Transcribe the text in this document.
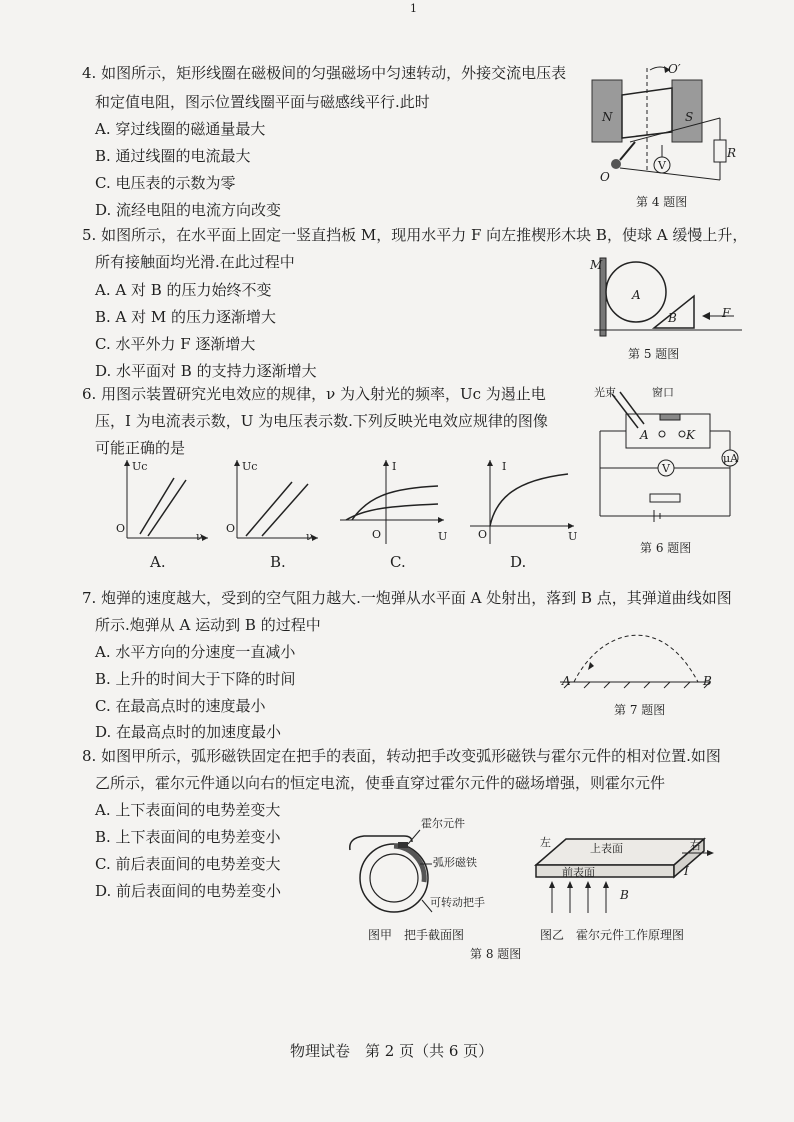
1
4. 如图所示，矩形线圈在磁极间的匀强磁场中匀速转动，外接交流电压表
和定值电阻，图示位置线圈平面与磁感线平行.此时
A. 穿过线圈的磁通量最大
B. 通过线圈的电流最大
C. 电压表的示数为零
D. 流经电阻的电流方向改变
N	S
O′
O
R
V
第 4 题图
5. 如图所示，在水平面上固定一竖直挡板 M，现用水平力 F 向左推楔形木块 B，使球 A 缓慢上升，
所有接触面均光滑.在此过程中
A. A 对 B 的压力始终不变
B. A 对 M 的压力逐渐增大
C. 水平外力 F 逐渐增大
D. 水平面对 B 的支持力逐渐增大
M
A
B	F
第 5 题图
6. 用图示装置研究光电效应的规律，ν 为入射光的频率，Uc 为遏止电
压，I 为电流表示数，U 为电压表示数.下列反映光电效应规律的图像
可能正确的是
Uc
O
ν
A.
Uc
O
ν
B.
I
O	U
C.
I
O	U
D.
光束	窗口
A	K
V
μA
第 6 题图
7. 炮弹的速度越大，受到的空气阻力越大.一炮弹从水平面 A 处射出，落到 B 点，其弹道曲线如图
所示.炮弹从 A 运动到 B 的过程中
A. 水平方向的分速度一直减小
B. 上升的时间大于下降的时间
C. 在最高点时的速度最小
D. 在最高点时的加速度最小
A	B
第 7 题图
8. 如图甲所示，弧形磁铁固定在把手的表面，转动把手改变弧形磁铁与霍尔元件的相对位置.如图
乙所示，霍尔元件通以向右的恒定电流，使垂直穿过霍尔元件的磁场增强，则霍尔元件
A. 上下表面间的电势差变大
B. 上下表面间的电势差变小
C. 前后表面间的电势差变大
D. 前后表面间的电势差变小
霍尔元件
弧形磁铁
可转动把手
图甲　把手截面图
左	右
上表面
前表面	I
B
图乙　霍尔元件工作原理图
第 8 题图
物理试卷　第 2 页（共 6 页）
